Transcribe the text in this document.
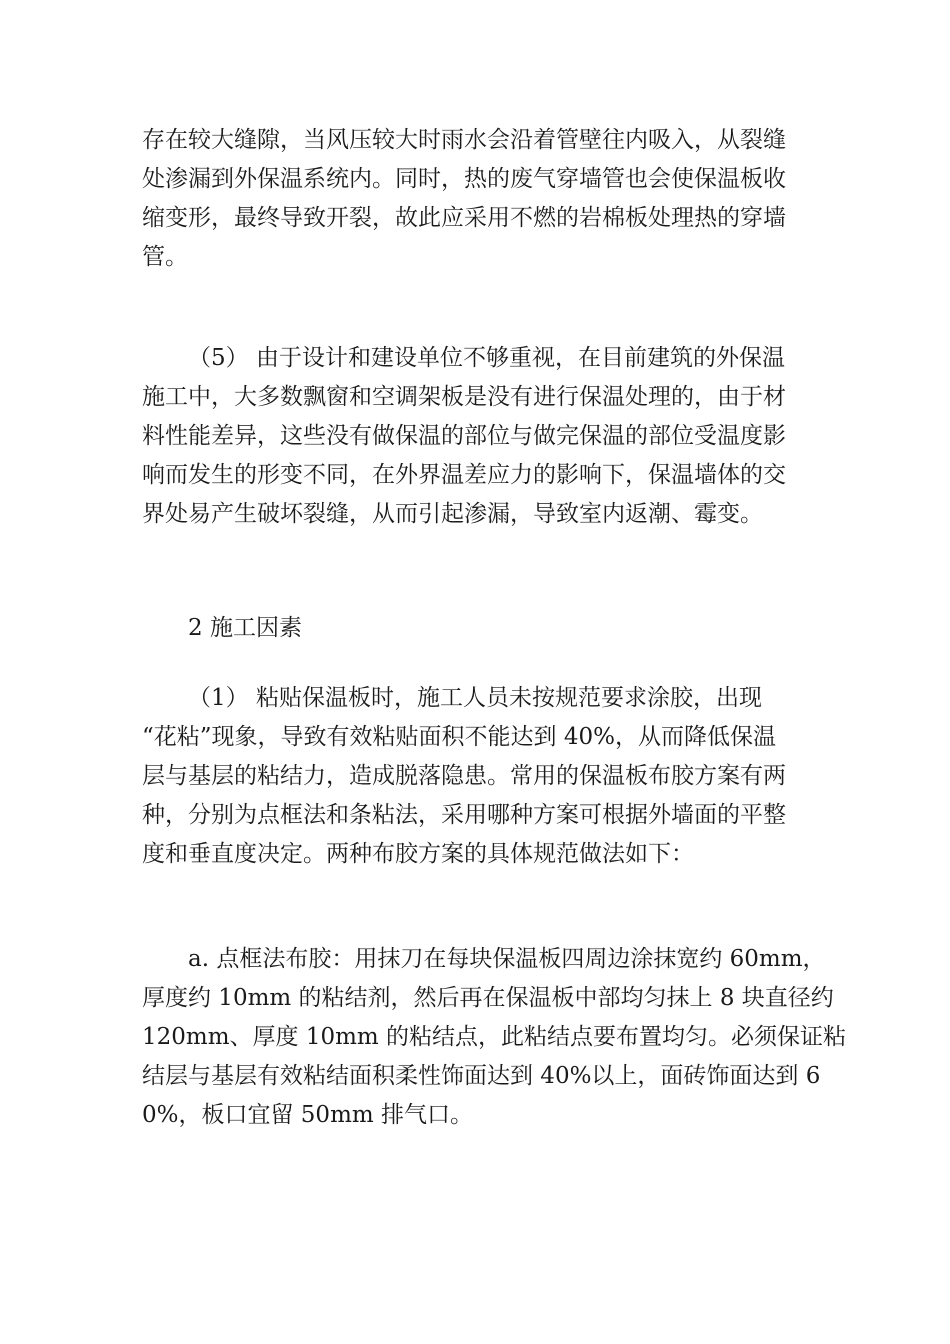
存在较大缝隙，当风压较大时雨水会沿着管壁往内吸入，从裂缝
处渗漏到外保温系统内。同时，热的废气穿墙管也会使保温板收
缩变形，最终导致开裂，故此应采用不燃的岩棉板处理热的穿墙
管。
（5） 由于设计和建设单位不够重视，在目前建筑的外保温
施工中，大多数飘窗和空调架板是没有进行保温处理的，由于材
料性能差异，这些没有做保温的部位与做完保温的部位受温度影
响而发生的形变不同，在外界温差应力的影响下，保温墙体的交
界处易产生破坏裂缝，从而引起渗漏，导致室内返潮、霉变。
2 施工因素
（1） 粘贴保温板时，施工人员未按规范要求涂胶，出现
“花粘”现象，导致有效粘贴面积不能达到 40%，从而降低保温
层与基层的粘结力，造成脱落隐患。常用的保温板布胶方案有两
种，分别为点框法和条粘法，采用哪种方案可根据外墙面的平整
度和垂直度决定。两种布胶方案的具体规范做法如下：
a. 点框法布胶：用抹刀在每块保温板四周边涂抹宽约 60mm，
厚度约 10mm 的粘结剂，然后再在保温板中部均匀抹上 8 块直径约
120mm、厚度 10mm 的粘结点，此粘结点要布置均匀。必须保证粘
结层与基层有效粘结面积柔性饰面达到 40%以上，面砖饰面达到 6
0%，板口宜留 50mm 排气口。
